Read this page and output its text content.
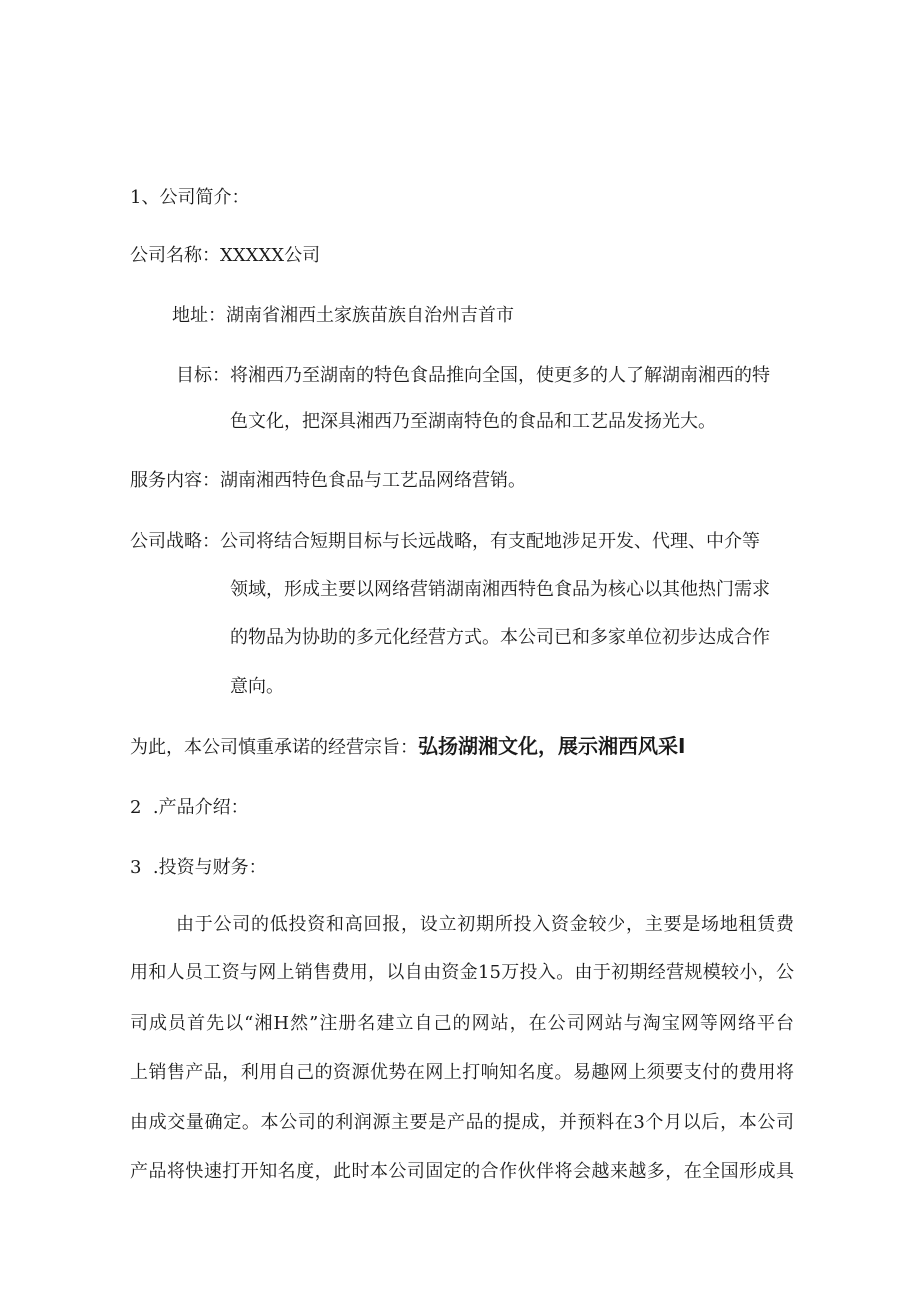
1、公司简介：
公司名称：XXXXX公司
地址：湖南省湘西土家族苗族自治州吉首市
目标：将湘西乃至湖南的特色食品推向全国，使更多的人了解湖南湘西的特
色文化，把深具湘西乃至湖南特色的食品和工艺品发扬光大。
服务内容：湖南湘西特色食品与工艺品网络营销。
公司战略：公司将结合短期目标与长远战略，有支配地涉足开发、代理、中介等
领域，形成主要以网络营销湖南湘西特色食品为核心以其他热门需求
的物品为协助的多元化经营方式。本公司已和多家单位初步达成合作
意向。
为此，本公司慎重承诺的经营宗旨：弘扬湖湘文化，展示湘西风采I
2  .产品介绍：
3  .投资与财务：
由于公司的低投资和高回报，设立初期所投入资金较少，主要是场地租赁费
用和人员工资与网上销售费用，以自由资金15万投入。由于初期经营规模较小，公
司成员首先以“湘H然”注册名建立自己的网站，在公司网站与淘宝网等网络平台
上销售产品，利用自己的资源优势在网上打响知名度。易趣网上须要支付的费用将
由成交量确定。本公司的利润源主要是产品的提成，并预料在3个月以后，本公司
产品将快速打开知名度，此时本公司固定的合作伙伴将会越来越多，在全国形成具
